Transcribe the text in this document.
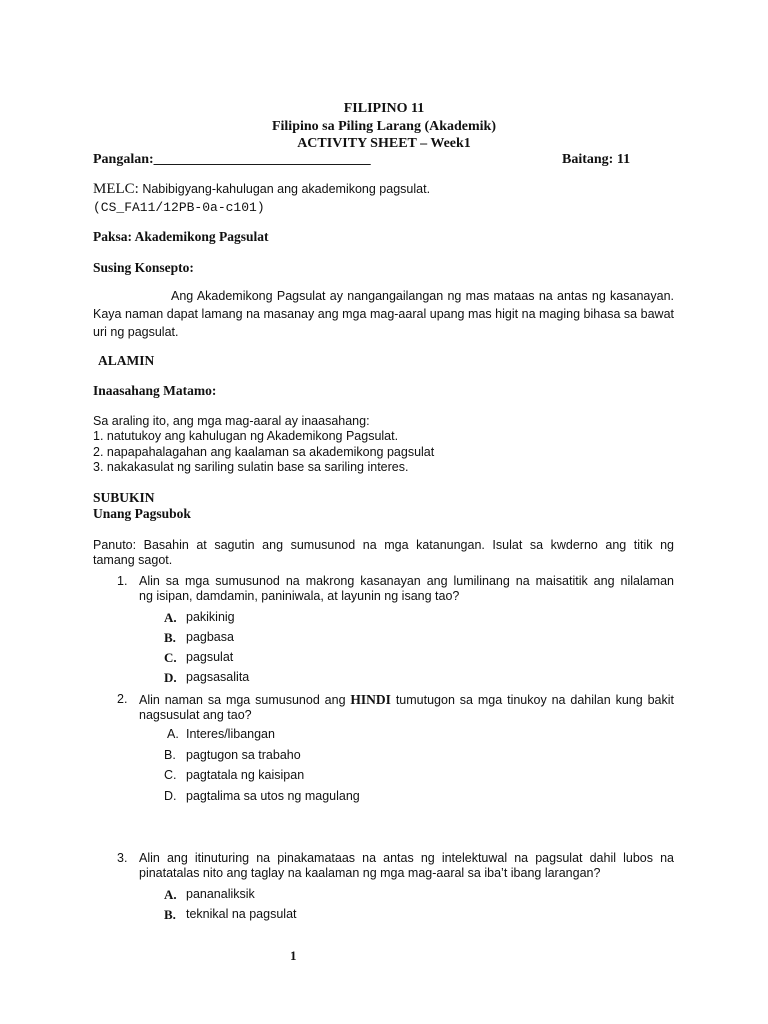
FILIPINO 11
Filipino sa Piling Larang (Akademik)
ACTIVITY SHEET – Week1
Pangalan:_______________________________	Baitang: 11
MELC: Nabibigyang-kahulugan ang akademikong pagsulat.
(CS_FA11/12PB-0a-c101)
Paksa: Akademikong Pagsulat
Susing Konsepto:
Ang Akademikong Pagsulat ay nangangailangan ng mas mataas na antas ng kasanayan.
Kaya naman dapat lamang na masanay ang mga mag-aaral upang mas higit na maging bihasa sa bawat
uri ng pagsulat.
ALAMIN
Inaasahang Matamo:
Sa araling ito, ang mga mag-aaral ay inaasahang:
1. natutukoy ang kahulugan ng Akademikong Pagsulat.
2. napapahalagahan ang kaalaman sa akademikong pagsulat
3. nakakasulat ng sariling sulatin base sa sariling interes.
SUBUKIN
Unang Pagsubok
Panuto: Basahin at sagutin ang sumusunod na mga katanungan. Isulat sa kwderno ang titik ng
tamang sagot.
1. Alin sa mga sumusunod na makrong kasanayan ang lumilinang na maisatitik ang nilalaman
ng isipan, damdamin, paniniwala, at layunin ng isang tao?
A. pakikinig
B. pagbasa
C. pagsulat
D. pagsasalita
2. Alin naman sa mga sumusunod ang HINDI tumutugon sa mga tinukoy na dahilan kung bakit
nagsusulat ang tao?
A. Interes/libangan
B. pagtugon sa trabaho
C. pagtatala ng kaisipan
D. pagtalima sa utos ng magulang
3. Alin ang itinuturing na pinakamataas na antas ng intelektuwal na pagsulat dahil lubos na
pinatatalas nito ang taglay na kaalaman ng mga mag-aaral sa iba’t ibang larangan?
A. pananaliksik
B. teknikal na pagsulat
1
